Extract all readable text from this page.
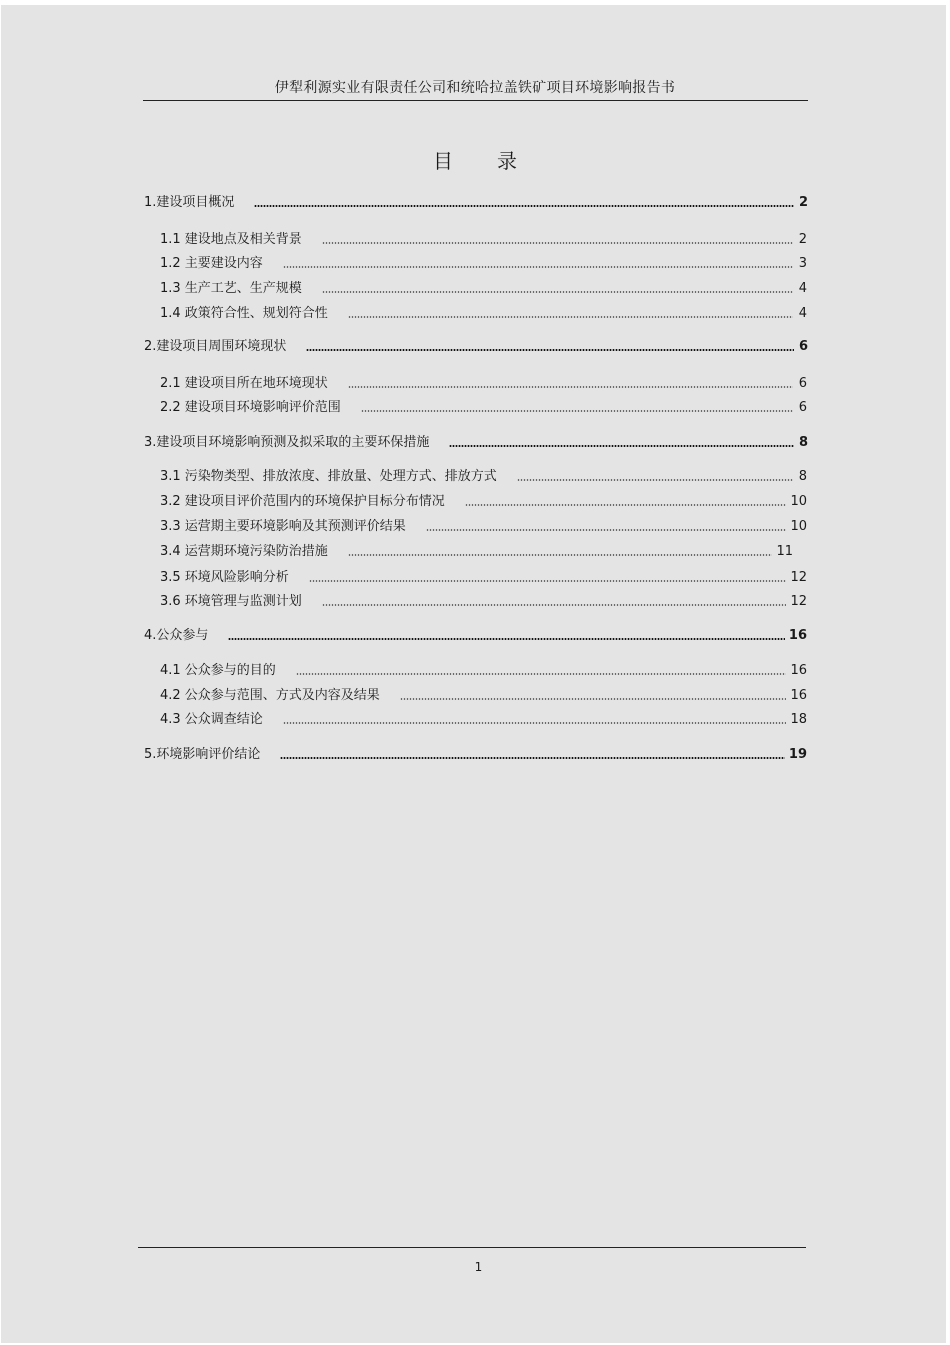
伊犁利源实业有限责任公司和统哈拉盖铁矿项目环境影响报告书
目录
1.建设项目概况	2
1.1 建设地点及相关背景	2
1.2 主要建设内容	3
1.3 生产工艺、生产规模	4
1.4 政策符合性、规划符合性	4
2.建设项目周围环境现状	6
2.1 建设项目所在地环境现状	6
2.2 建设项目环境影响评价范围	6
3.建设项目环境影响预测及拟采取的主要环保措施	8
3.1 污染物类型、排放浓度、排放量、处理方式、排放方式	8
3.2 建设项目评价范围内的环境保护目标分布情况	10
3.3 运营期主要环境影响及其预测评价结果	10
3.4 运营期环境污染防治措施	11
3.5 环境风险影响分析	12
3.6 环境管理与监测计划	12
4.公众参与	16
4.1 公众参与的目的	16
4.2 公众参与范围、方式及内容及结果	16
4.3 公众调查结论	18
5.环境影响评价结论	19
1
